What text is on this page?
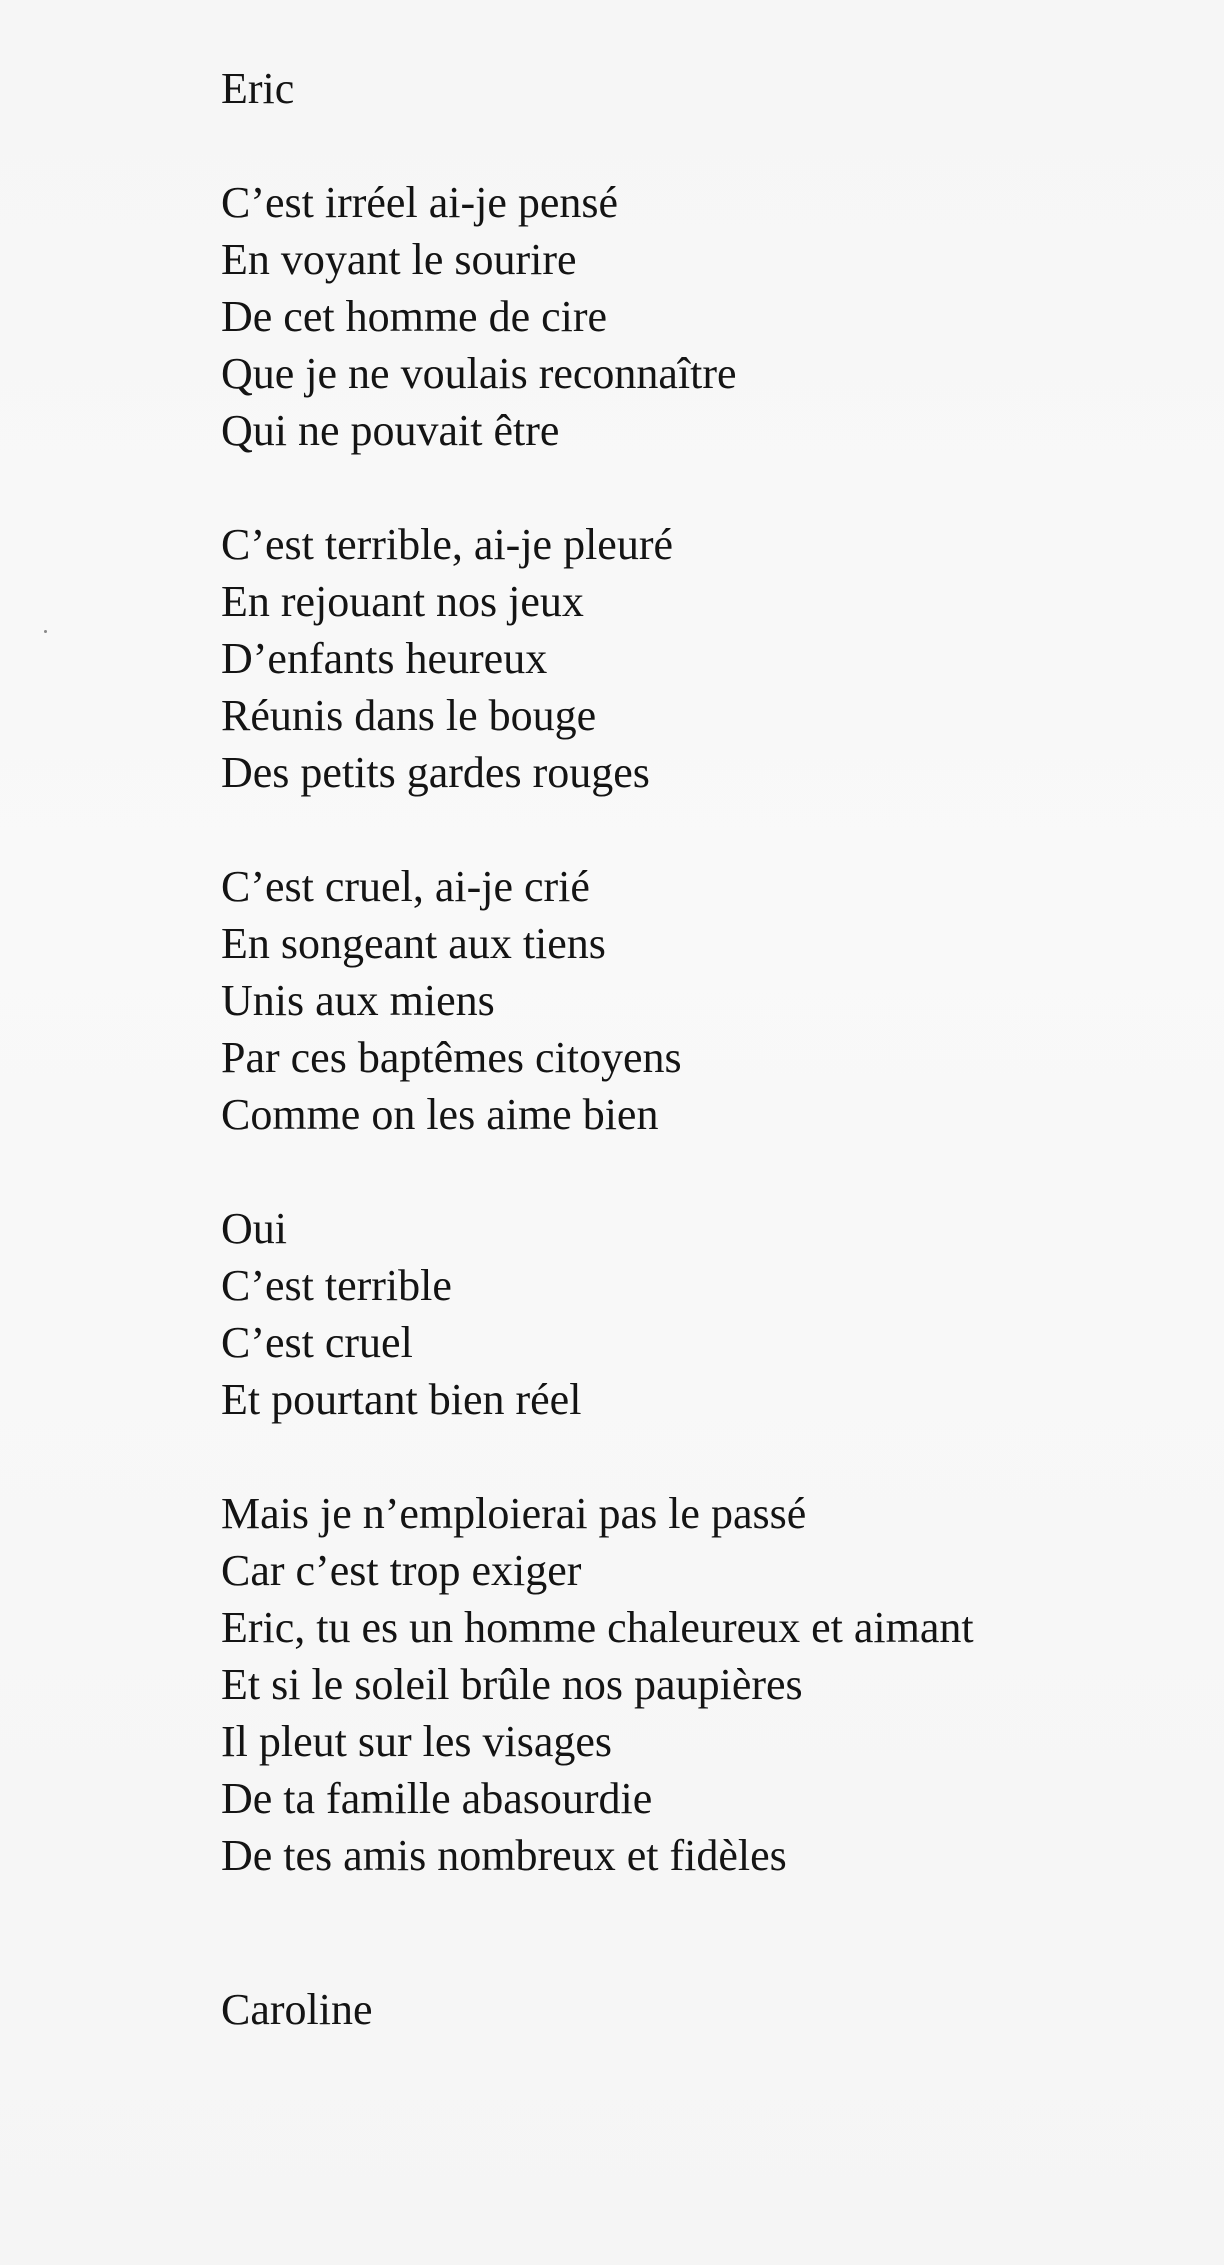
Eric
C’est irréel ai-je pensé
En voyant le sourire
De cet homme de cire
Que je ne voulais reconnaître
Qui ne pouvait être
C’est terrible, ai-je pleuré
En rejouant nos jeux
D’enfants heureux
Réunis dans le bouge
Des petits gardes rouges
C’est cruel, ai-je crié
En songeant aux tiens
Unis aux miens
Par ces baptêmes citoyens
Comme on les aime bien
Oui
C’est terrible
C’est cruel
Et pourtant bien réel
Mais je n’emploierai pas le passé
Car c’est trop exiger
Eric, tu es un homme chaleureux et aimant
Et si le soleil brûle nos paupières
Il pleut sur les visages
De ta famille abasourdie
De tes amis nombreux et fidèles
Caroline
